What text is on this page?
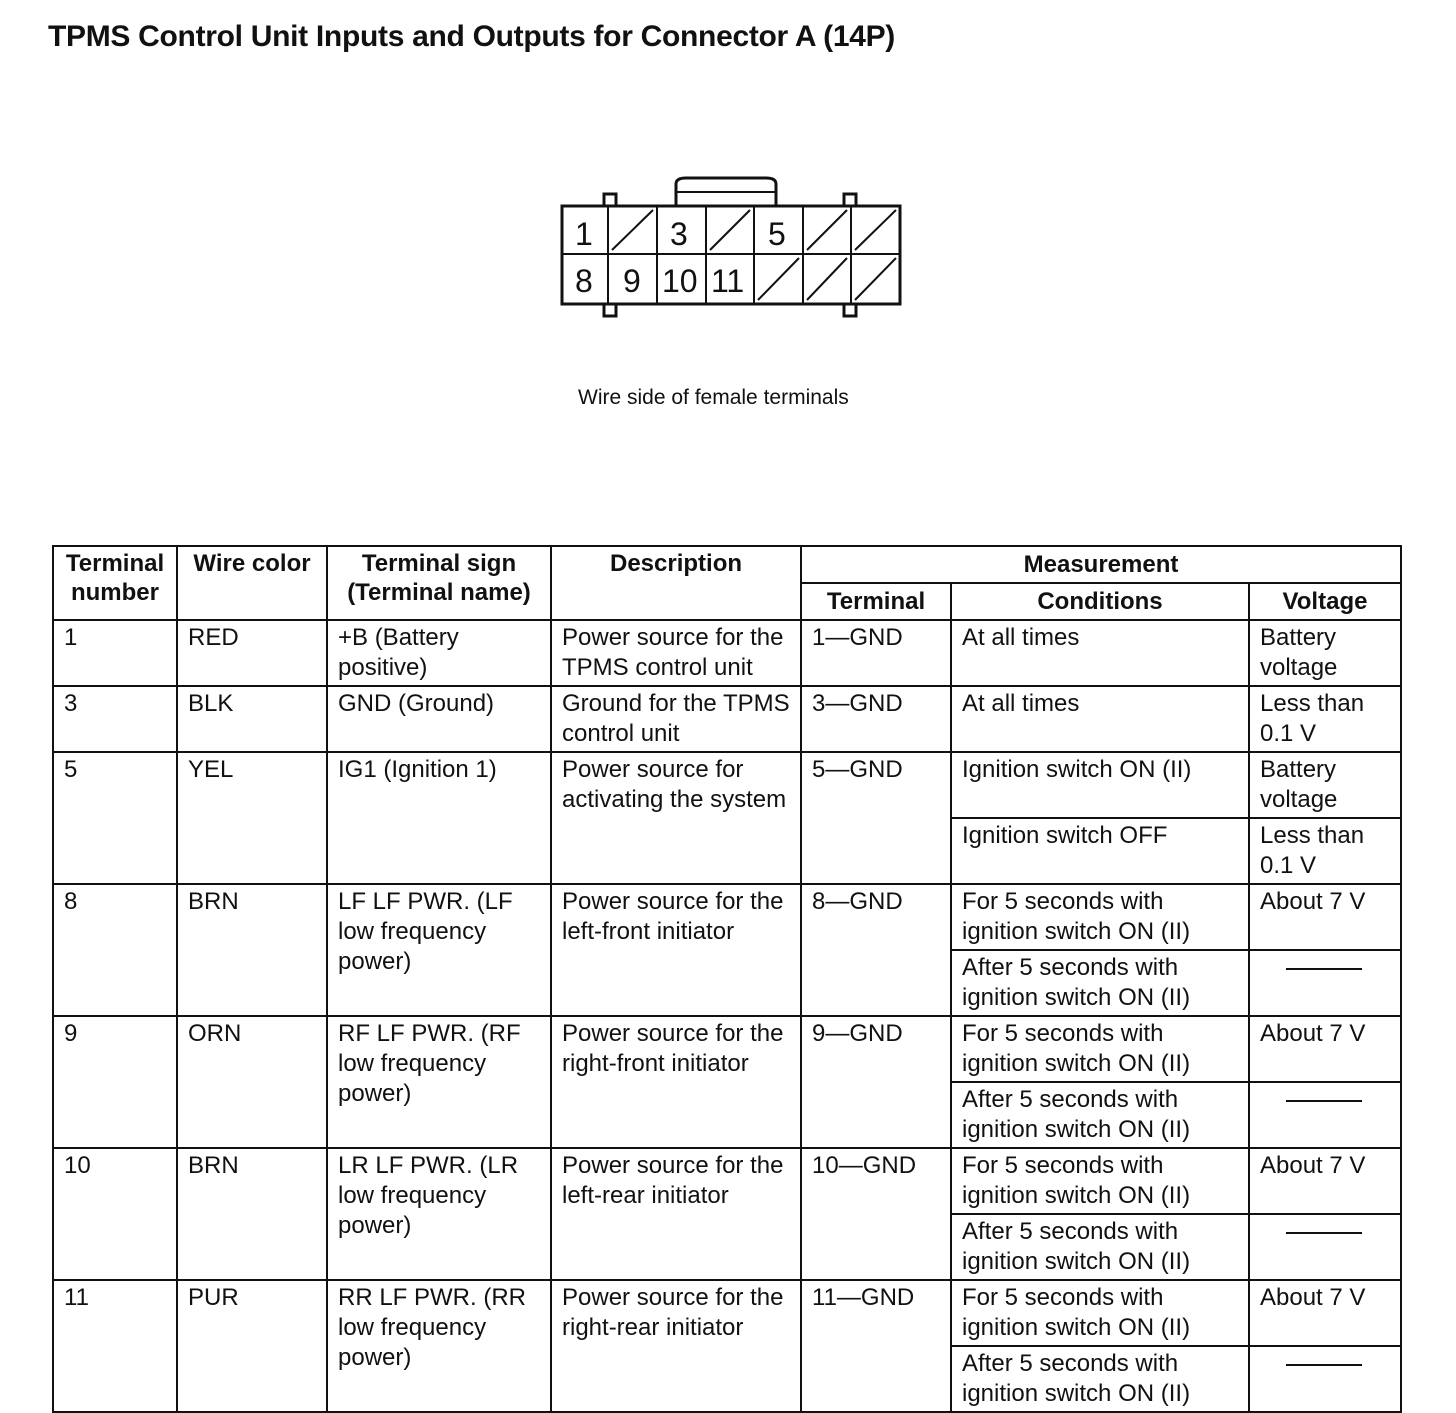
TPMS Control Unit Inputs and Outputs for Connector A (14P)
1 3	5
8 9 10 11

Wire side of female terminals

Terminal number	Wire color	Terminal sign (Terminal name)	Description	Measurement		
				Terminal	Conditions	Voltage
1	RED	+B (Battery positive)	Power source for the TPMS control unit	1—GND	At all times	Battery voltage
3	BLK	GND (Ground)	Ground for the TPMS control unit	3—GND	At all times	Less than 0.1 V
5	YEL	IG1 (Ignition 1)	Power source for activating the system	5—GND	Ignition switch ON (II)	Battery voltage
					Ignition switch OFF	Less than 0.1 V
8	BRN	LF LF PWR. (LF low frequency power)	Power source for the left-front initiator	8—GND	For 5 seconds with ignition switch ON (II)	About 7 V
					After 5 seconds with ignition switch ON (II)	
9	ORN	RF LF PWR. (RF low frequency power)	Power source for the right-front initiator	9—GND	For 5 seconds with ignition switch ON (II)	About 7 V
					After 5 seconds with ignition switch ON (II)	
10	BRN	LR LF PWR. (LR low frequency power)	Power source for the left-rear initiator	10—GND	For 5 seconds with ignition switch ON (II)	About 7 V
					After 5 seconds with ignition switch ON (II)	
11	PUR	RR LF PWR. (RR low frequency power)	Power source for the right-rear initiator	11—GND	For 5 seconds with ignition switch ON (II)	About 7 V
					After 5 seconds with ignition switch ON (II)	
